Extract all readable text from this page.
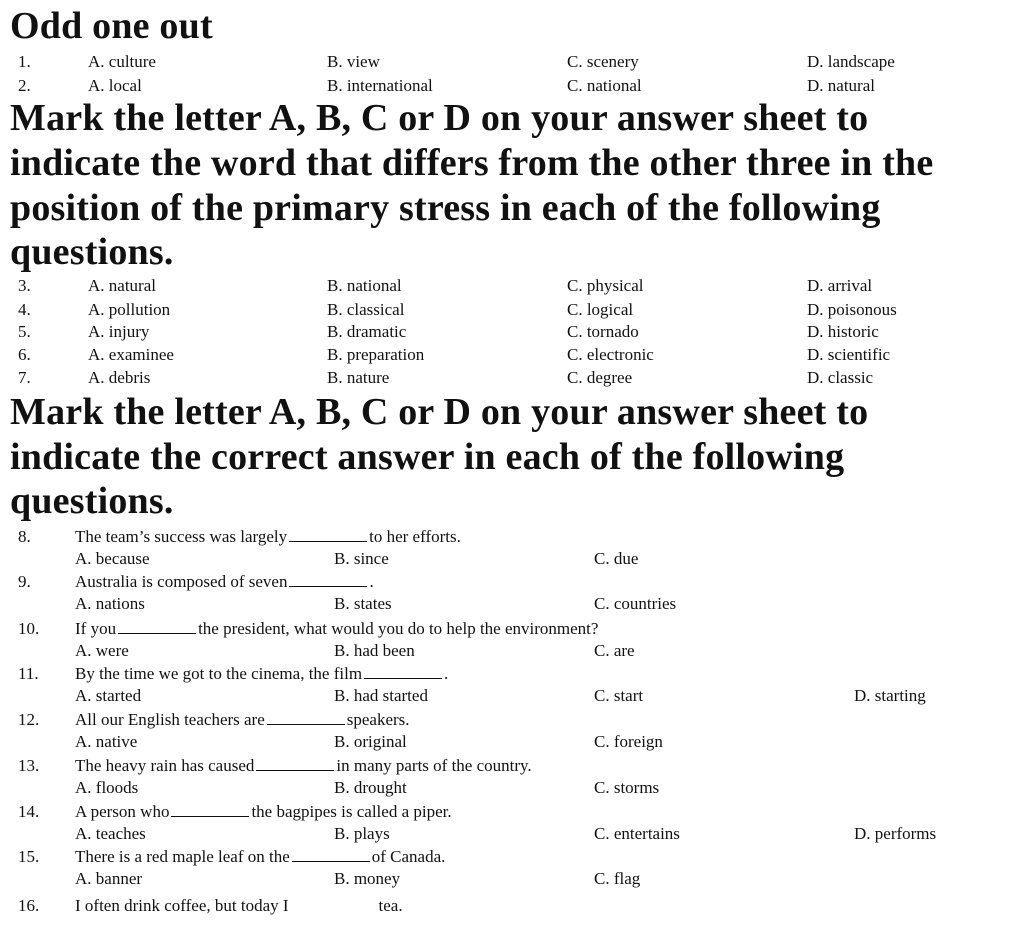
Odd one out
1.	A. culture	B. view	C. scenery	D. landscape
2.	A. local	B. international	C. national	D. natural
Mark the letter A, B, C or D on your answer sheet to
indicate the word that differs from the other three in the
position of the primary stress in each of the following
questions.
3.	A. natural	B. national	C. physical	D. arrival
4.	A. pollution	B. classical	C. logical	D. poisonous
5.	A. injury	B. dramatic	C. tornado	D. historic
6.	A. examinee	B. preparation	C. electronic	D. scientific
7.	A. debris	B. nature	C. degree	D. classic
Mark the letter A, B, C or D on your answer sheet to
indicate the correct answer in each of the following
questions.
8.	The team’s success was largely	to her efforts.
A. because	B. since	C. due
9.	Australia is composed of seven	.
A. nations	B. states	C. countries
10. If you	the president, what would you do to help the environment?
A. were	B. had been	C. are
11. By the time we got to the cinema, the film	.
A. started	B. had started	C. start	D. starting
12. All our English teachers are	speakers.
A. native	B. original	C. foreign
13. The heavy rain has caused	in many parts of the country.
A. floods	B. drought	C. storms
14. A person who	the bagpipes is called a piper.
A. teaches	B. plays	C. entertains	D. performs
15. There is a red maple leaf on the	of Canada.
A. banner	B. money	C. flag
16. I often drink coffee, but today I	tea.
